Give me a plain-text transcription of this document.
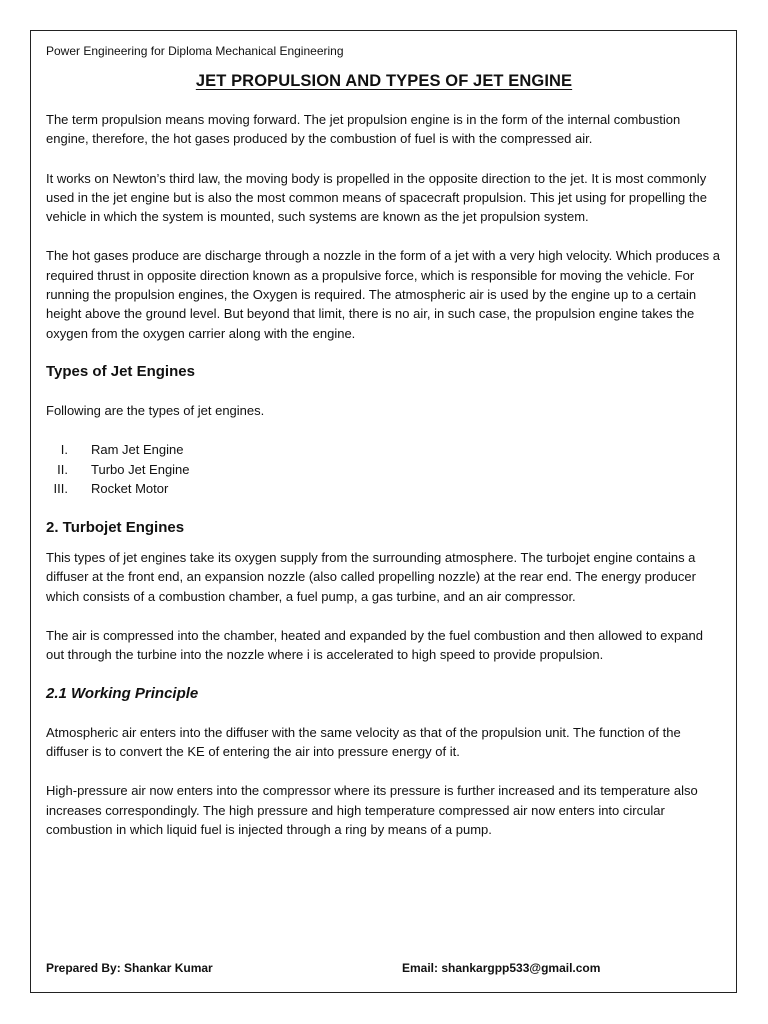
Power Engineering for Diploma Mechanical Engineering
JET PROPULSION AND TYPES OF JET ENGINE

The term propulsion means moving forward. The jet propulsion engine is in the form of the internal combustion engine, therefore, the hot gases produced by the combustion of fuel is with the compressed air.

It works on Newton’s third law, the moving body is propelled in the opposite direction to the jet. It is most commonly used in the jet engine but is also the most common means of spacecraft propulsion. This jet using for propelling the vehicle in which the system is mounted, such systems are known as the jet propulsion system.

The hot gases produce are discharge through a nozzle in the form of a jet with a very high velocity. Which produces a required thrust in opposite direction known as a propulsive force, which is responsible for moving the vehicle. For running the propulsion engines, the Oxygen is required. The atmospheric air is used by the engine up to a certain height above the ground level. But beyond that limit, there is no air, in such case, the propulsion engine takes the oxygen from the oxygen carrier along with the engine.

Types of Jet Engines

Following are the types of jet engines.

I. Ram Jet Engine
II. Turbo Jet Engine
III. Rocket Motor
2. Turbojet Engines

This types of jet engines take its oxygen supply from the surrounding atmosphere. The turbojet engine contains a diffuser at the front end, an expansion nozzle (also called propelling nozzle) at the rear end. The energy producer which consists of a combustion chamber, a fuel pump, a gas turbine, and an air compressor.

The air is compressed into the chamber, heated and expanded by the fuel combustion and then allowed to expand out through the turbine into the nozzle where i is accelerated to high speed to provide propulsion.

2.1 Working Principle

Atmospheric air enters into the diffuser with the same velocity as that of the propulsion unit. The function of the diffuser is to convert the KE of entering the air into pressure energy of it.

High-pressure air now enters into the compressor where its pressure is further increased and its temperature also increases correspondingly. The high pressure and high temperature compressed air now enters into circular combustion in which liquid fuel is injected through a ring by means of a pump.

Prepared By: Shankar Kumar	Email: shankargpp533@gmail.com
